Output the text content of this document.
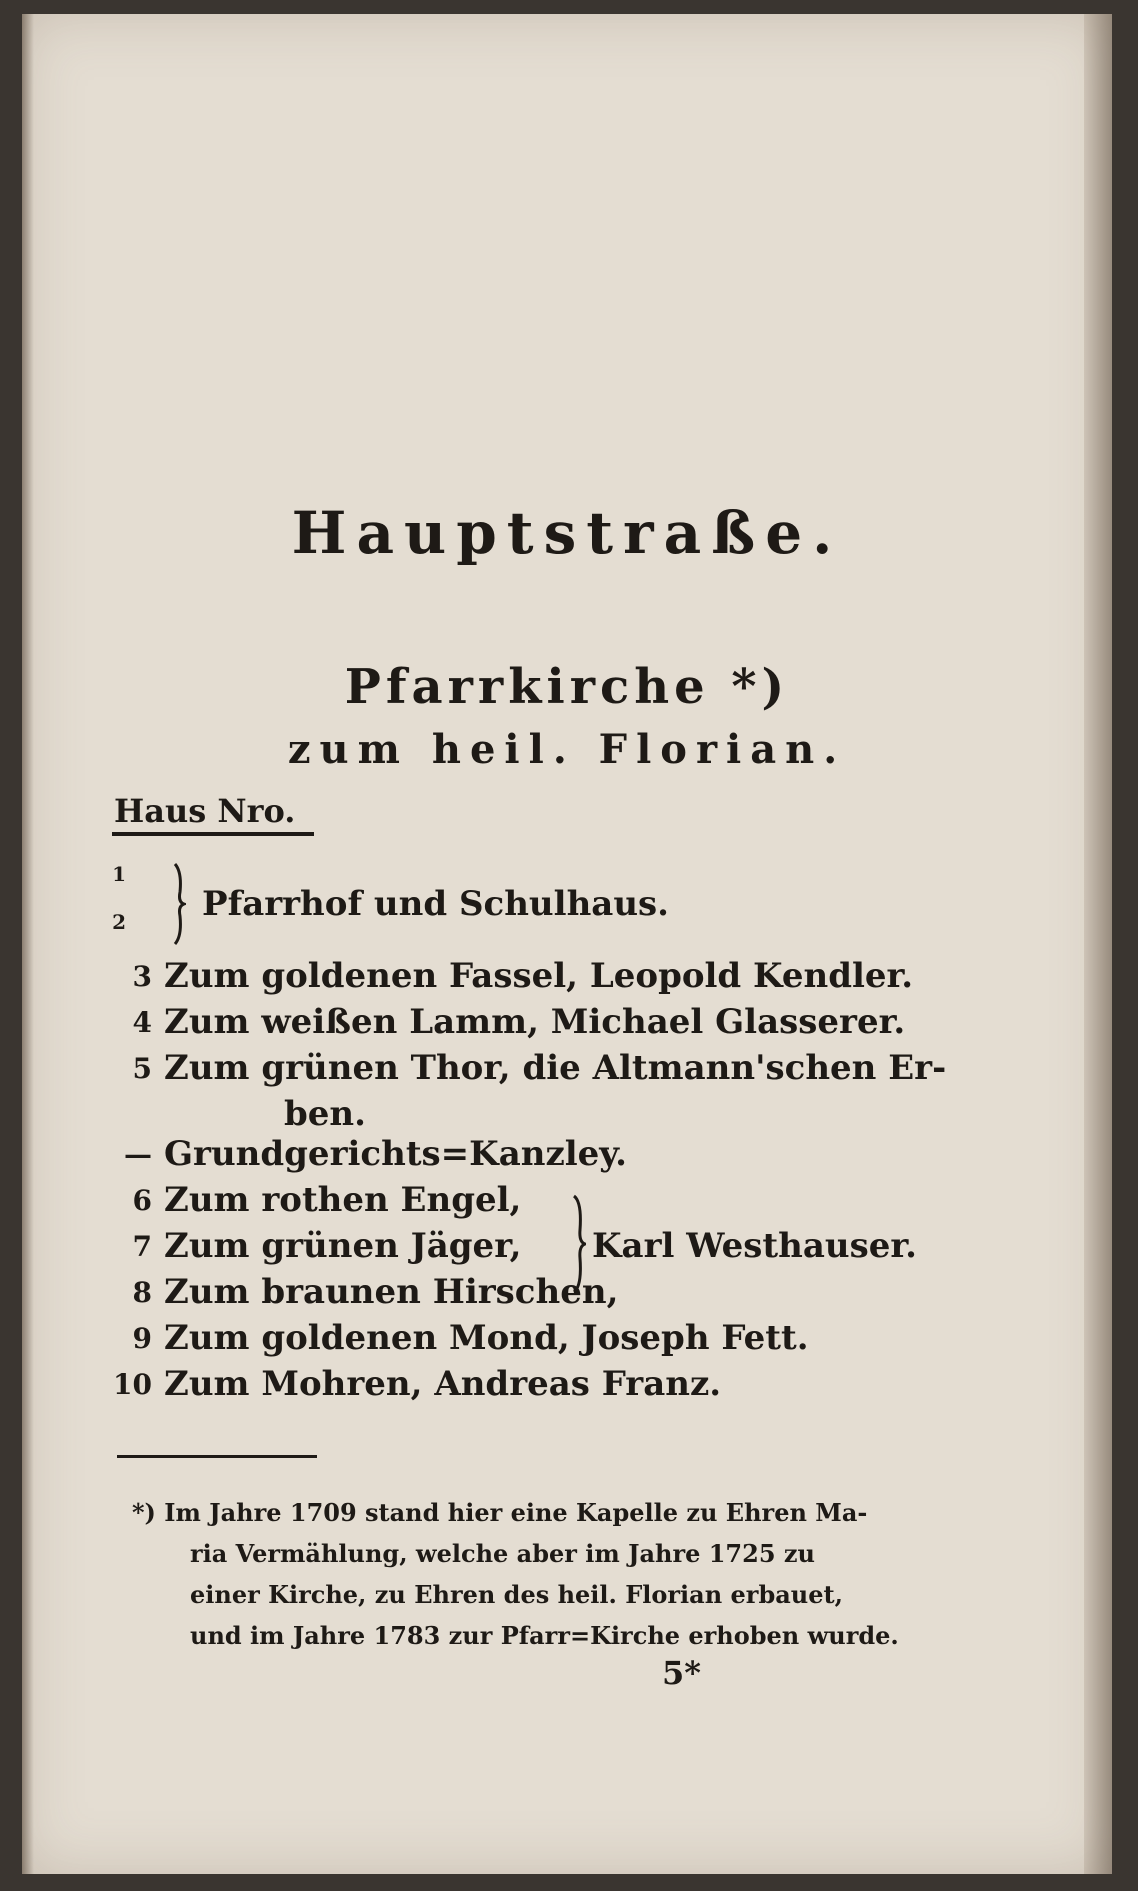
Hauptstraße.
Pfarrkirche *)
zum heil. Florian.
Haus Nro.
1
2 Pfarrhof und Schulhaus.
3 Zum goldenen Fassel, Leopold Kendler.
4 Zum weißen Lamm, Michael Glasserer.
5 Zum grünen Thor, die Altmann'schen Er-
ben.
— Grundgerichts=Kanzley.
6 Zum rothen Engel,
7 Zum grünen Jäger,
8 Zum braunen Hirschen,
Karl Westhauser.
9 Zum goldenen Mond, Joseph Fett.
10 Zum Mohren, Andreas Franz.
*) Im Jahre 1709 stand hier eine Kapelle zu Ehren Ma-
ria Vermählung, welche aber im Jahre 1725 zu
einer Kirche, zu Ehren des heil. Florian erbauet,
und im Jahre 1783 zur Pfarr=Kirche erhoben wurde.
5*
